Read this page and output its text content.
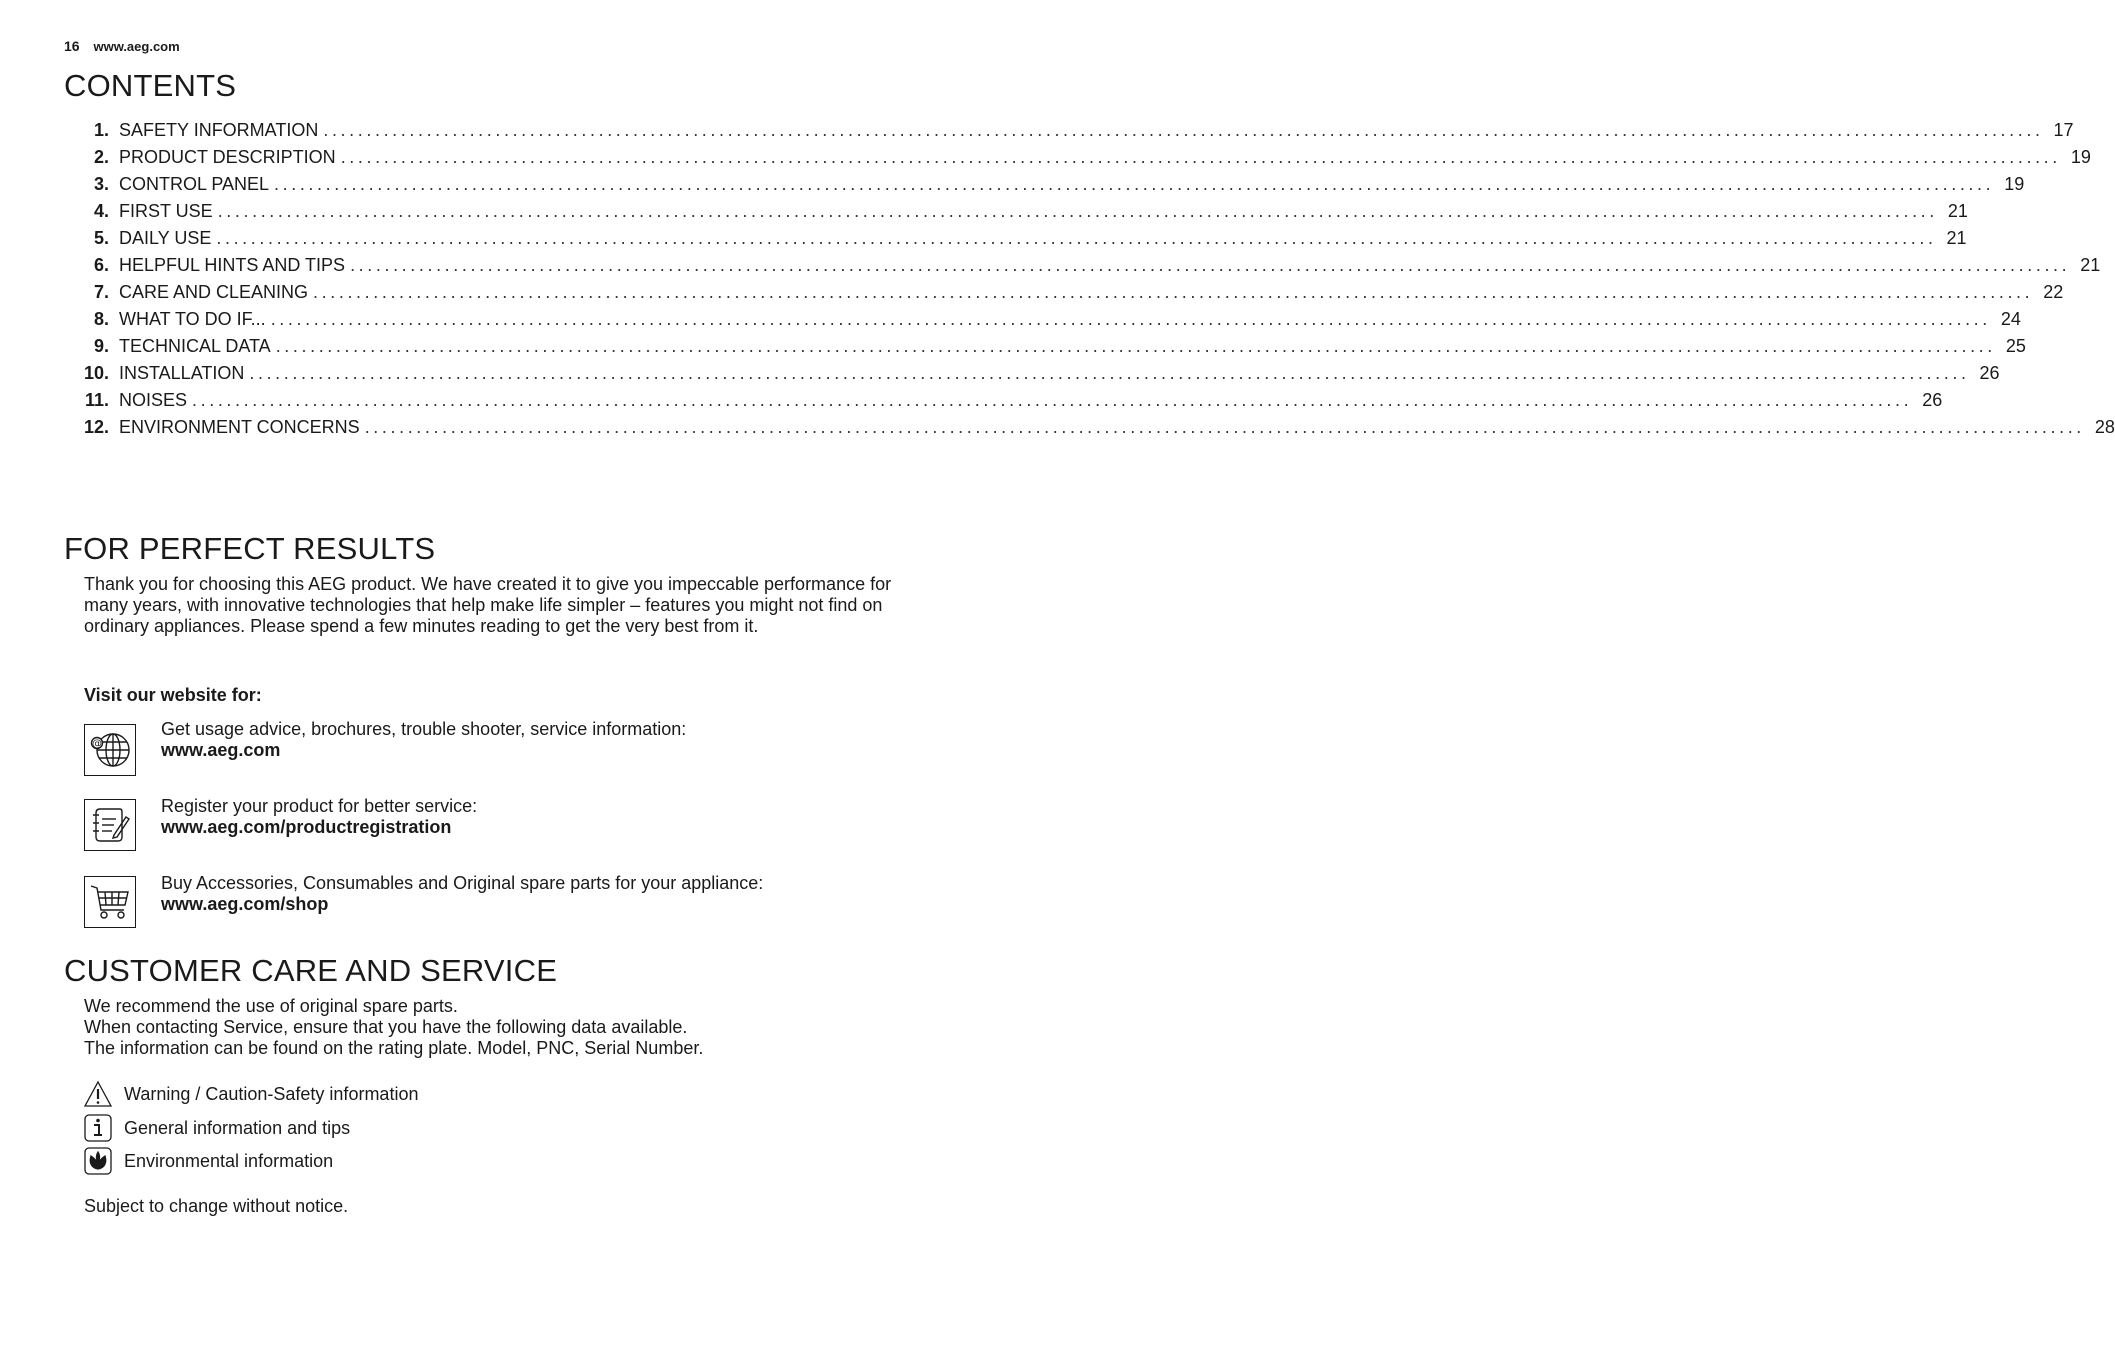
16 www.aeg.com
CONTENTS
1. SAFETY INFORMATION ........................................................................................................................................................................................................ 17
2. PRODUCT DESCRIPTION ........................................................................................................................................................................................................ 19
3. CONTROL PANEL ........................................................................................................................................................................................................ 19
4. FIRST USE ........................................................................................................................................................................................................ 21
5. DAILY USE ........................................................................................................................................................................................................ 21
6. HELPFUL HINTS AND TIPS ........................................................................................................................................................................................................ 21
7. CARE AND CLEANING ........................................................................................................................................................................................................ 22
8. WHAT TO DO IF... ........................................................................................................................................................................................................ 24
9. TECHNICAL DATA ........................................................................................................................................................................................................ 25
10. INSTALLATION ........................................................................................................................................................................................................ 26
11. NOISES ........................................................................................................................................................................................................ 26
12. ENVIRONMENT CONCERNS ........................................................................................................................................................................................................ 28
FOR PERFECT RESULTS
Thank you for choosing this AEG product. We have created it to give you impeccable performance for many years, with innovative technologies that help make life simpler – features you might not find on ordinary appliances. Please spend a few minutes reading to get the very best from it.
Visit our website for:
@
Get usage advice, brochures, trouble shooter, service information:
www.aeg.com
Register your product for better service:
www.aeg.com/productregistration
Buy Accessories, Consumables and Original spare parts for your appliance:
www.aeg.com/shop
CUSTOMER CARE AND SERVICE
We recommend the use of original spare parts.
When contacting Service, ensure that you have the following data available.
The information can be found on the rating plate. Model, PNC, Serial Number.
Warning / Caution-Safety information
General information and tips
Environmental information
Subject to change without notice.
